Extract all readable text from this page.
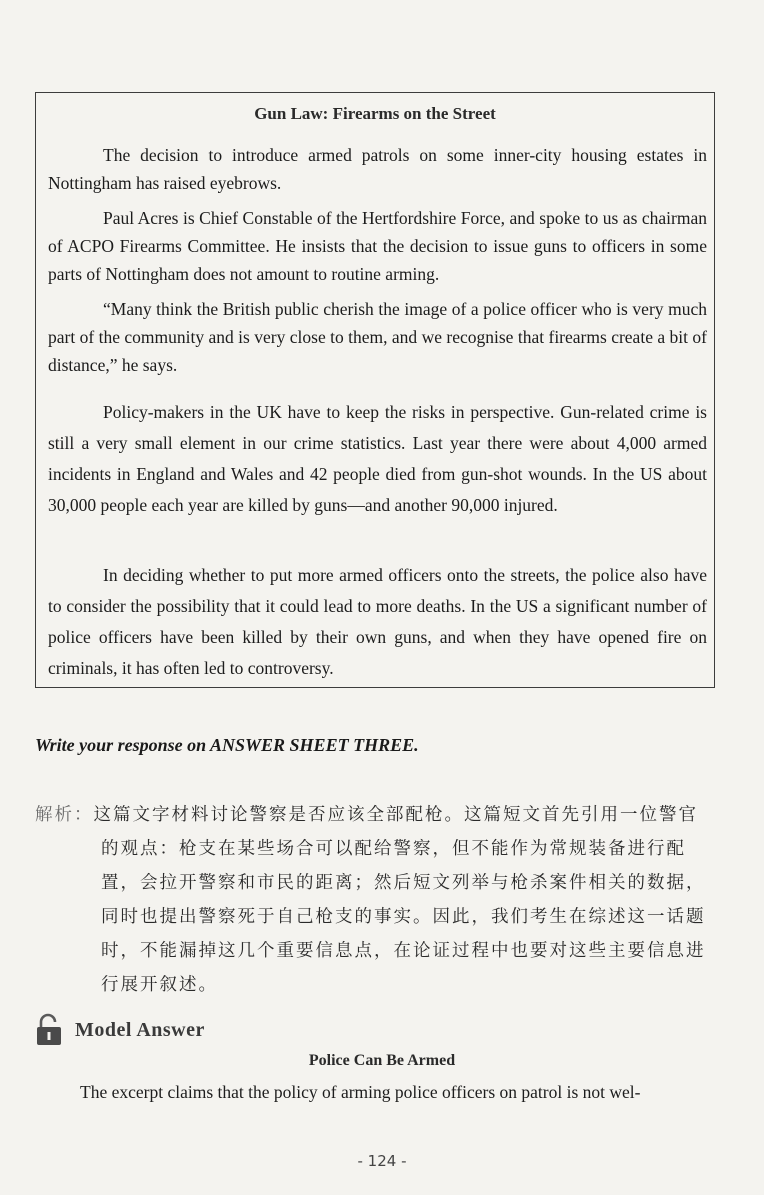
Gun Law: Firearms on the Street
The decision to introduce armed patrols on some inner-city housing estates in Nottingham has raised eyebrows.
Paul Acres is Chief Constable of the Hertfordshire Force, and spoke to us as chairman of ACPO Firearms Committee. He insists that the decision to issue guns to officers in some parts of Nottingham does not amount to routine arming.
“Many think the British public cherish the image of a police officer who is very much part of the community and is very close to them, and we recognise that firearms create a bit of distance,” he says.
Policy-makers in the UK have to keep the risks in perspective. Gun-related crime is still a very small element in our crime statistics. Last year there were about 4,000 armed incidents in England and Wales and 42 people died from gun-shot wounds. In the US about 30,000 people each year are killed by guns—and another 90,000 injured.
In deciding whether to put more armed officers onto the streets, the police also have to consider the possibility that it could lead to more deaths. In the US a significant number of police officers have been killed by their own guns, and when they have opened fire on criminals, it has often led to controversy.
Write your response on ANSWER SHEET THREE.
解析：这篇文字材料讨论警察是否应该全部配枪。这篇短文首先引用一位警官
的观点：枪支在某些场合可以配给警察，但不能作为常规装备进行配
置，会拉开警察和市民的距离；然后短文列举与枪杀案件相关的数据，
同时也提出警察死于自己枪支的事实。因此，我们考生在综述这一话题
时，不能漏掉这几个重要信息点，在论证过程中也要对这些主要信息进
行展开叙述。
Model Answer
Police Can Be Armed
The excerpt claims that the policy of arming police officers on patrol is not wel-
- 124 -
